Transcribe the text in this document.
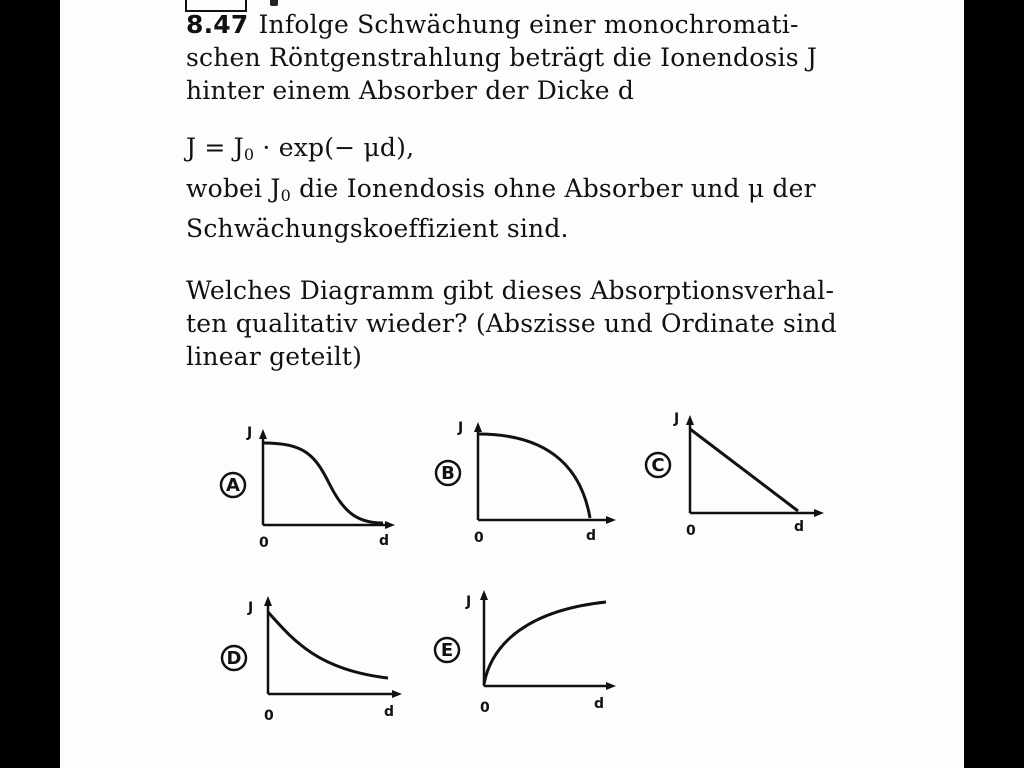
8.47 Infolge Schwächung einer monochromati-
schen Röntgenstrahlung beträgt die Ionendosis J
hinter einem Absorber der Dicke d
$J = J_0 \cdot \exp(- \mu d)$,
wobei $J_0$ die Ionendosis ohne Absorber und μ der
Schwächungskoeffizient sind.
Welches Diagramm gibt dieses Absorptionsverhal-
ten qualitativ wieder? (Abszisse und Ordinate sind
linear geteilt)
A
J
0	d
B
J
0	d
C
J
0	d
D
J
0	d
E
J
0	d
